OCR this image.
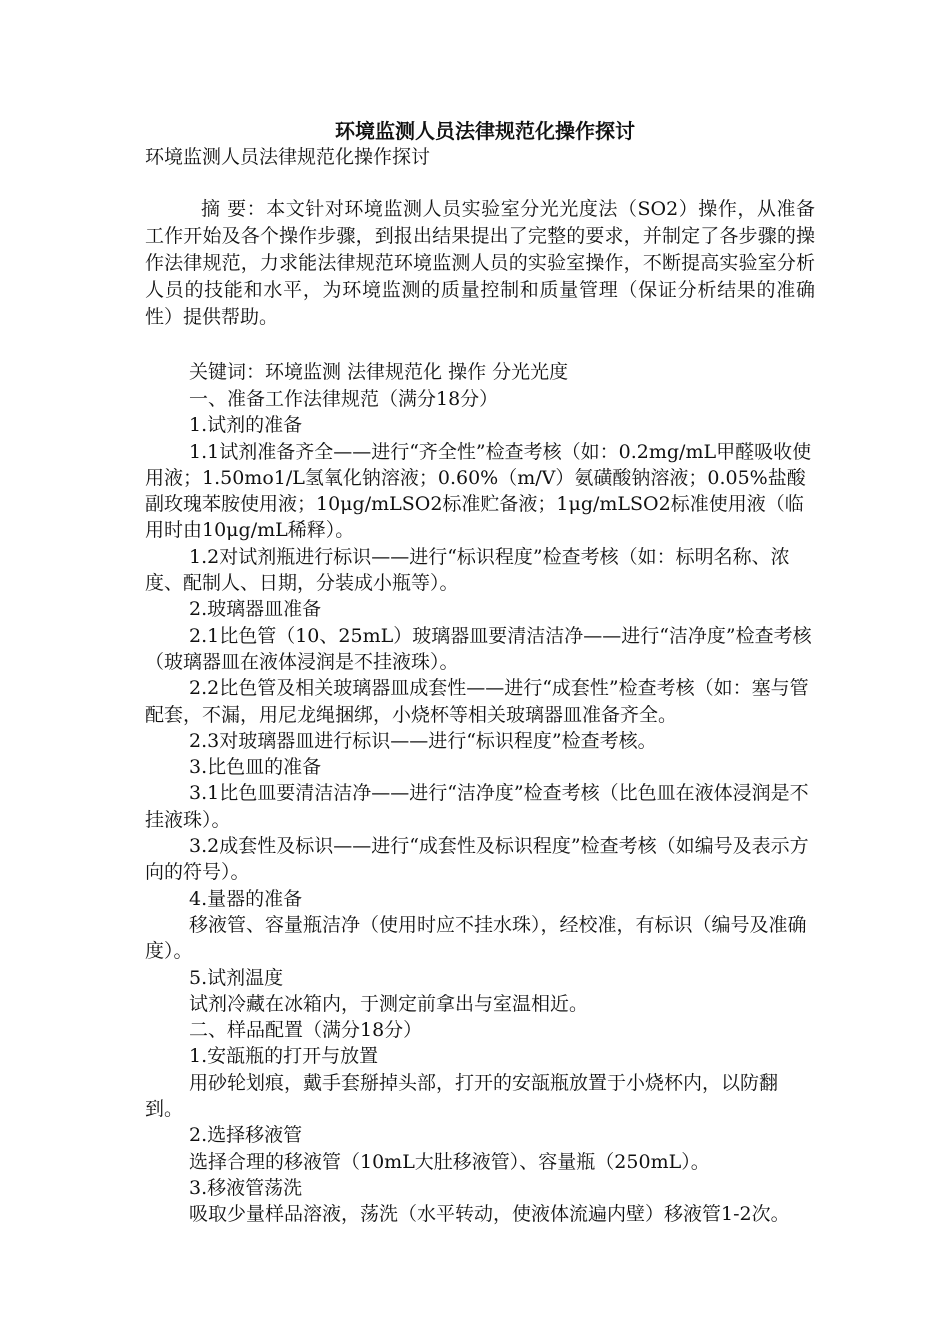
环境监测人员法律规范化操作探讨

环境监测人员法律规范化操作探讨

摘 要：本文针对环境监测人员实验室分光光度法（SO2）操作，从准备工作开始及各个操作步骤，到报出结果提出了完整的要求，并制定了各步骤的操作法律规范，力求能法律规范环境监测人员的实验室操作，不断提高实验室分析人员的技能和水平，为环境监测的质量控制和质量管理（保证分析结果的准确性）提供帮助。

关键词：环境监测 法律规范化 操作 分光光度

一、准备工作法律规范（满分18分）

1.试剂的准备

1.1试剂准备齐全——进行“齐全性”检查考核（如：0.2mg/mL甲醛吸收使用液；1.50mo1/L氢氧化钠溶液；0.60%（m/V）氨磺酸钠溶液；0.05%盐酸副玫瑰苯胺使用液；10μg/mLSO2标准贮备液；1μg/mLSO2标准使用液（临用时由10μg/mL稀释）。

1.2对试剂瓶进行标识——进行“标识程度”检查考核（如：标明名称、浓度、配制人、日期，分装成小瓶等）。

2.玻璃器皿准备

2.1比色管（10、25mL）玻璃器皿要清洁洁净——进行“洁净度”检查考核（玻璃器皿在液体浸润是不挂液珠）。

2.2比色管及相关玻璃器皿成套性——进行“成套性”检查考核（如：塞与管配套，不漏，用尼龙绳捆绑，小烧杯等相关玻璃器皿准备齐全。

2.3对玻璃器皿进行标识——进行“标识程度”检查考核。

3.比色皿的准备

3.1比色皿要清洁洁净——进行“洁净度”检查考核（比色皿在液体浸润是不挂液珠）。

3.2成套性及标识——进行“成套性及标识程度”检查考核（如编号及表示方向的符号）。

4.量器的准备

移液管、容量瓶洁净（使用时应不挂水珠），经校准，有标识（编号及准确度）。

5.试剂温度

试剂冷藏在冰箱内，于测定前拿出与室温相近。

二、样品配置（满分18分）

1.安瓿瓶的打开与放置

用砂轮划痕，戴手套掰掉头部，打开的安瓿瓶放置于小烧杯内，以防翻到。

2.选择移液管

选择合理的移液管（10mL大肚移液管）、容量瓶（250mL）。

3.移液管荡洗

吸取少量样品溶液，荡洗（水平转动，使液体流遍内壁）移液管1-2次。
